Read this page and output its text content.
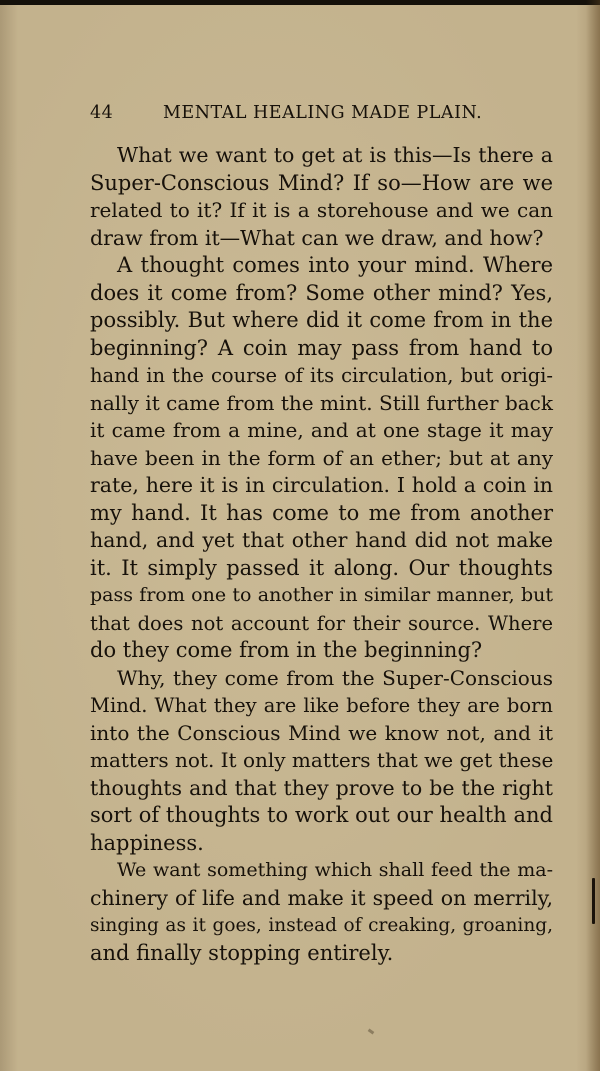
44	MENTAL HEALING MADE PLAIN.
What we want to get at is this—Is there a
Super-Conscious Mind? If so—How are we
related to it? If it is a storehouse and we can
draw from it—What can we draw, and how?
A thought comes into your mind. Where
does it come from? Some other mind? Yes,
possibly. But where did it come from in the
beginning? A coin may pass from hand to
hand in the course of its circulation, but origi-
nally it came from the mint. Still further back
it came from a mine, and at one stage it may
have been in the form of an ether; but at any
rate, here it is in circulation. I hold a coin in
my hand. It has come to me from another
hand, and yet that other hand did not make
it. It simply passed it along. Our thoughts
pass from one to another in similar manner, but
that does not account for their source. Where
do they come from in the beginning?
Why, they come from the Super-Conscious
Mind. What they are like before they are born
into the Conscious Mind we know not, and it
matters not. It only matters that we get these
thoughts and that they prove to be the right
sort of thoughts to work out our health and
happiness.
We want something which shall feed the ma-
chinery of life and make it speed on merrily,
singing as it goes, instead of creaking, groaning,
and finally stopping entirely.
